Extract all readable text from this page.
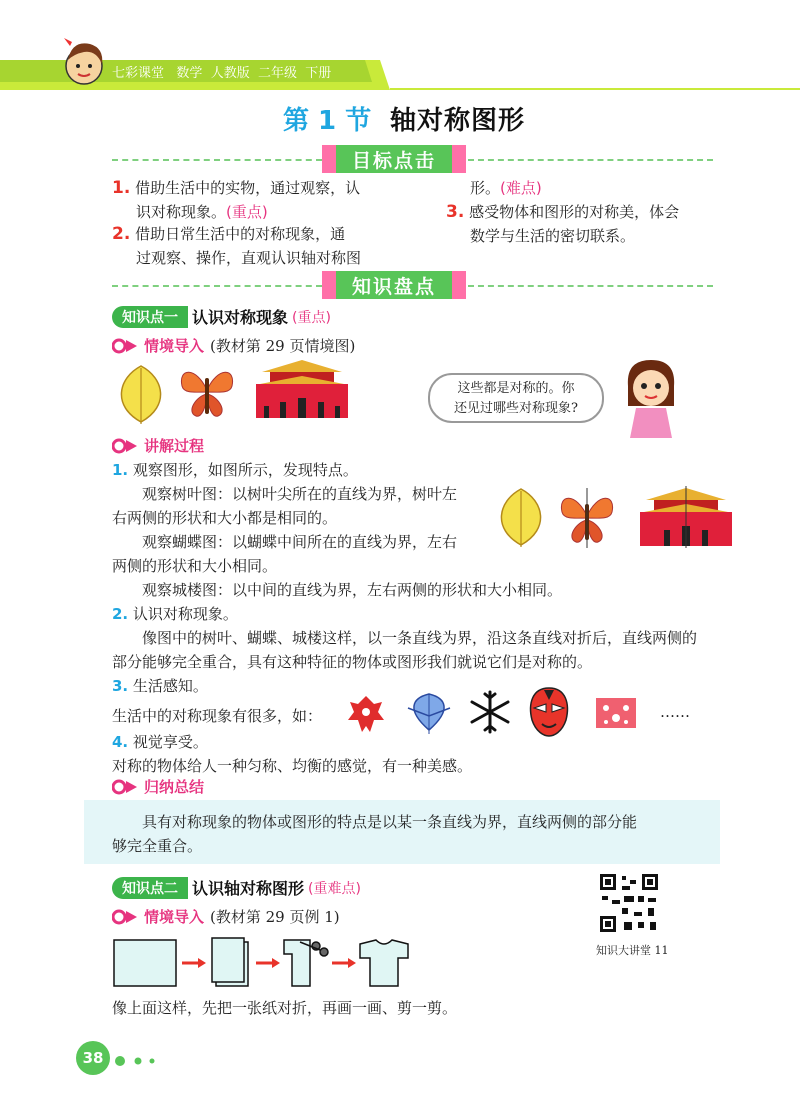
七彩课堂 数学 人教版 二年级 下册
第 1 节 轴对称图形
目标点击
1. 借助生活中的实物，通过观察，认
识对称现象。(重点)
2. 借助日常生活中的对称现象，通
过观察、操作，直观认识轴对称图
形。(难点)
3. 感受物体和图形的对称美，体会
数学与生活的密切联系。
知识盘点
知识点一 认识对称现象 (重点)
情境导入 (教材第 29 页情境图)
这些都是对称的。你
还见过哪些对称现象?
讲解过程
1. 观察图形，如图所示，发现特点。
观察树叶图：以树叶尖所在的直线为界，树叶左
右两侧的形状和大小都是相同的。
观察蝴蝶图：以蝴蝶中间所在的直线为界，左右
两侧的形状和大小相同。
观察城楼图：以中间的直线为界，左右两侧的形状和大小相同。
2. 认识对称现象。
像图中的树叶、蝴蝶、城楼这样，以一条直线为界，沿这条直线对折后，直线两侧的
部分能够完全重合，具有这种特征的物体或图形我们就说它们是对称的。
3. 生活感知。
生活中的对称现象有很多，如：	……
4. 视觉享受。
对称的物体给人一种匀称、均衡的感觉，有一种美感。
归纳总结
具有对称现象的物体或图形的特点是以某一条直线为界，直线两侧的部分能
够完全重合。
知识点二 认识轴对称图形 (重难点)
情境导入 (教材第 29 页例 1)
知识大讲堂 11
像上面这样，先把一张纸对折，再画一画、剪一剪。
38
